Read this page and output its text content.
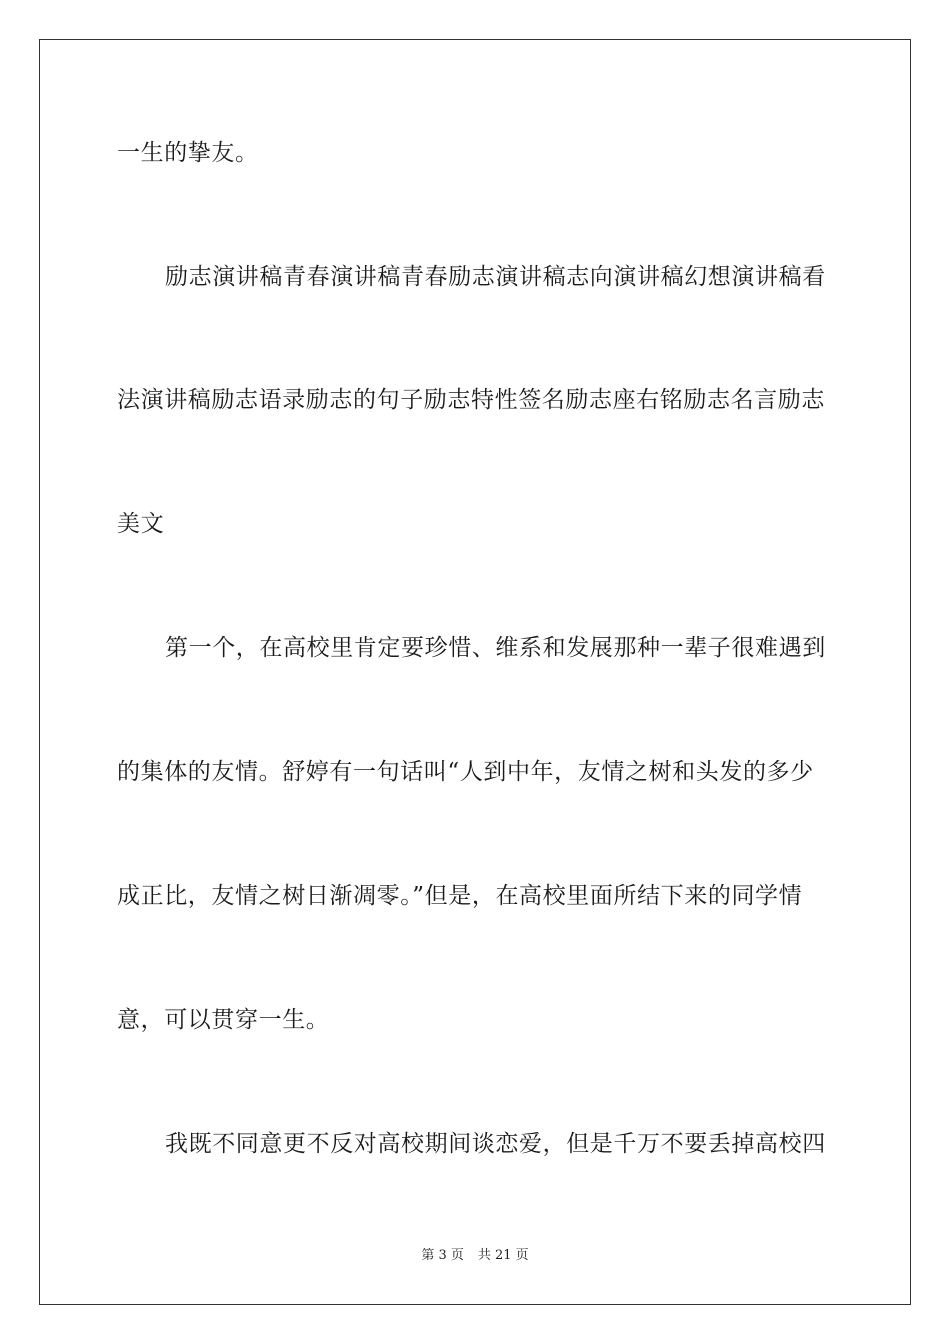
一生的挚友。
励志演讲稿青春演讲稿青春励志演讲稿志向演讲稿幻想演讲稿看
法演讲稿励志语录励志的句子励志特性签名励志座右铭励志名言励志
美文
第一个，在高校里肯定要珍惜、维系和发展那种一辈子很难遇到
的集体的友情。舒婷有一句话叫“人到中年，友情之树和头发的多少
成正比，友情之树日渐凋零。”但是，在高校里面所结下来的同学情
意，可以贯穿一生。
我既不同意更不反对高校期间谈恋爱，但是千万不要丢掉高校四
第 3 页 共 21 页
